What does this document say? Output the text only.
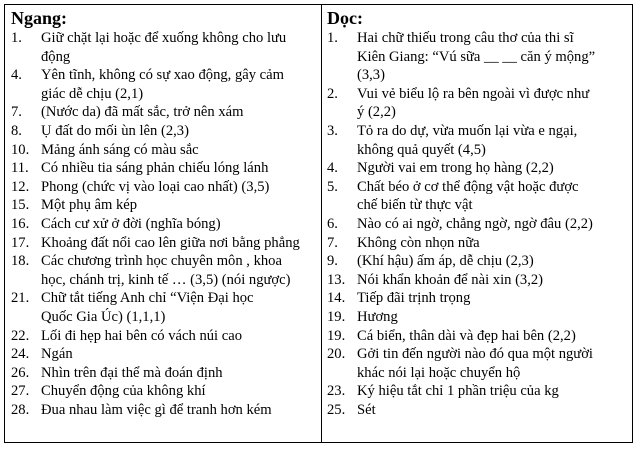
Ngang:
1. Giữ chặt lại hoặc để xuống không cho lưu
động
4. Yên tĩnh, không có sự xao động, gây cảm
giác dễ chịu (2,1)
7. (Nước da) đã mất sắc, trở nên xám
8. Ụ đất do mối ùn lên (2,3)
10. Mảng ánh sáng có màu sắc
11. Có nhiều tia sáng phản chiếu lóng lánh
12. Phong (chức vị vào loại cao nhất) (3,5)
15. Một phụ âm kép
16. Cách cư xử ở đời (nghĩa bóng)
17. Khoảng đất nổi cao lên giữa nơi bằng phẳng
18. Các chương trình học chuyên môn , khoa
học, chánh trị, kinh tế … (3,5) (nói ngược)
21. Chữ tắt tiếng Anh chỉ “Viện Đại học
Quốc Gia Úc) (1,1,1)
22. Lối đi hẹp hai bên có vách núi cao
24. Ngán
26. Nhìn trên đại thể mà đoán định
27. Chuyển động của không khí
28. Đua nhau làm việc gì để tranh hơn kém
Dọc:
1. Hai chữ thiếu trong câu thơ của thi sĩ
Kiên Giang: “Vú sữa __ __ căn ý mộng”
(3,3)
2. Vui vẻ biểu lộ ra bên ngoài vì được như
ý (2,2)
3. Tỏ ra do dự, vừa muốn lại vừa e ngại,
không quả quyết (4,5)
4. Người vai em trong họ hàng (2,2)
5. Chất béo ở cơ thể động vật hoặc được
chế biến từ thực vật
6. Nào có ai ngờ, chẳng ngờ, ngờ đâu (2,2)
7. Không còn nhọn nữa
9. (Khí hậu) ấm áp, dễ chịu (2,3)
13. Nói khẩn khoản để nài xin (3,2)
14. Tiếp đãi trịnh trọng
19. Hương
19. Cá biển, thân dài và đẹp hai bên (2,2)
20. Gởi tin đến người nào đó qua một người
khác nói lại hoặc chuyển hộ
23. Ký hiệu tắt chỉ 1 phần triệu của kg
25. Sét
